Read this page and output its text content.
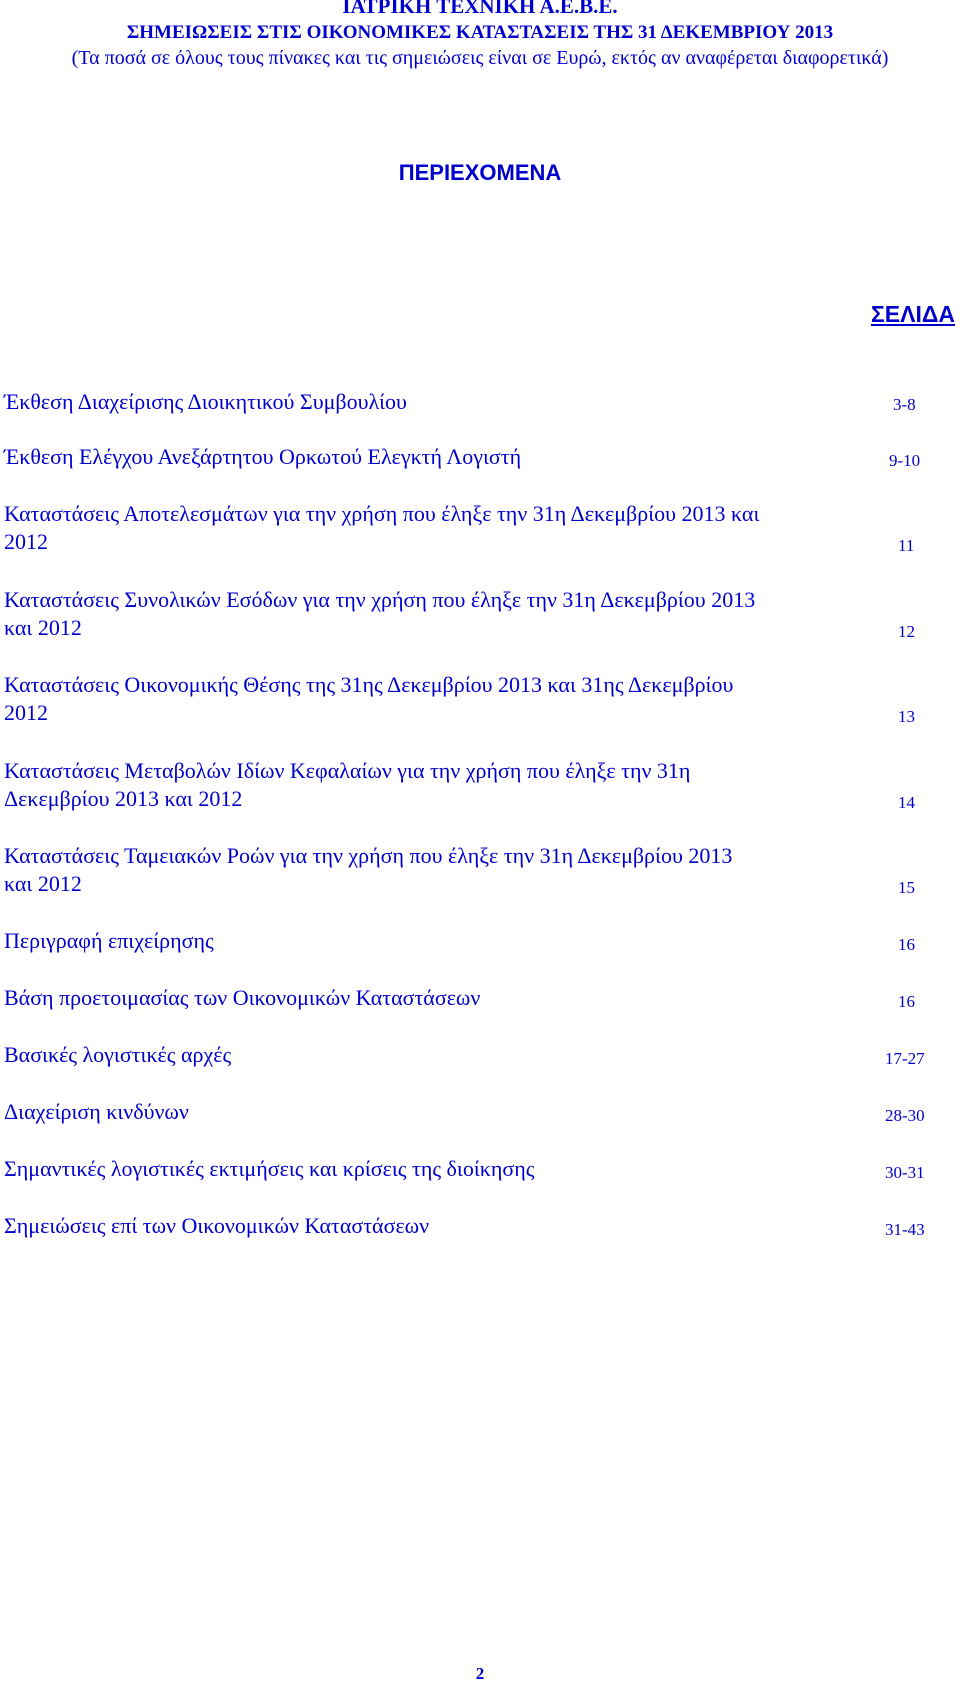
ΙΑΤΡΙΚΗ ΤΕΧΝΙΚΗ Α.Ε.Β.Ε.
ΣΗΜΕΙΩΣΕΙΣ ΣΤΙΣ ΟΙΚΟΝΟΜΙΚΕΣ ΚΑΤΑΣΤΑΣΕΙΣ ΤΗΣ 31 ΔΕΚΕΜΒΡΙΟΥ 2013
(Τα ποσά σε όλους τους πίνακες και τις σημειώσεις είναι σε Ευρώ, εκτός αν αναφέρεται διαφορετικά)
ΠΕΡΙΕΧΟΜΕΝΑ
ΣΕΛΙΔΑ
Έκθεση Διαχείρισης Διοικητικού Συμβουλίου	3-8
Έκθεση Ελέγχου Ανεξάρτητου Ορκωτού Ελεγκτή Λογιστή	9-10
Καταστάσεις Αποτελεσμάτων για την χρήση που έληξε την 31η Δεκεμβρίου 2013 και
2012	11
Καταστάσεις Συνολικών Εσόδων για την χρήση που έληξε την 31η Δεκεμβρίου 2013
και 2012	12
Καταστάσεις Οικονομικής Θέσης της 31ης Δεκεμβρίου 2013 και 31ης Δεκεμβρίου
2012	13
Καταστάσεις Μεταβολών Ιδίων Κεφαλαίων για την χρήση που έληξε την 31η
Δεκεμβρίου 2013 και 2012	14
Καταστάσεις Ταμειακών Ροών για την χρήση που έληξε την 31η Δεκεμβρίου 2013
και 2012	15
Περιγραφή επιχείρησης	16
Βάση προετοιμασίας των Οικονομικών Καταστάσεων	16
Βασικές λογιστικές αρχές	17-27
Διαχείριση κινδύνων	28-30
Σημαντικές λογιστικές εκτιμήσεις και κρίσεις της διοίκησης	30-31
Σημειώσεις επί των Οικονομικών Καταστάσεων	31-43
2
